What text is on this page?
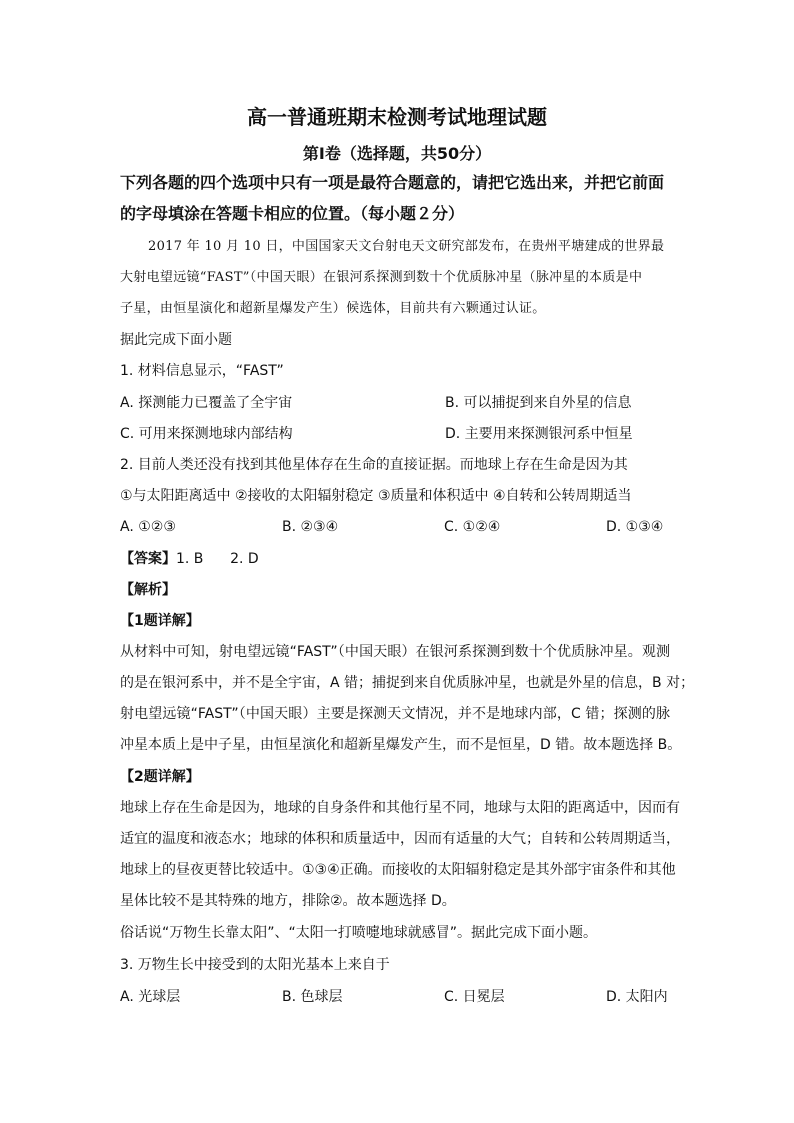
高一普通班期末检测考试地理试题
第Ⅰ卷（选择题，共50分）
下列各题的四个选项中只有一项是最符合题意的，请把它选出来，并把它前面
的字母填涂在答题卡相应的位置。（每小题２分）
2017 年 10 月 10 日，中国国家天文台射电天文研究部发布，在贵州平塘建成的世界最
大射电望远镜“FAST”（中国天眼）在银河系探测到数十个优质脉冲星（脉冲星的本质是中
子星，由恒星演化和超新星爆发产生）候选体，目前共有六颗通过认证。
据此完成下面小题
1. 材料信息显示，“FAST”
A. 探测能力已覆盖了全宇宙	B. 可以捕捉到来自外星的信息
C. 可用来探测地球内部结构	D. 主要用来探测银河系中恒星
2. 目前人类还没有找到其他星体存在生命的直接证据。而地球上存在生命是因为其
①与太阳距离适中 ②接收的太阳辐射稳定 ③质量和体积适中 ④自转和公转周期适当
A. ①②③	B. ②③④	C. ①②④	D. ①③④
【答案】1. B      2. D
【解析】
【1题详解】
从材料中可知，射电望远镜“FAST”（中国天眼）在银河系探测到数十个优质脉冲星。观测
的是在银河系中，并不是全宇宙，A 错；捕捉到来自优质脉冲星，也就是外星的信息，B 对；
射电望远镜“FAST”（中国天眼）主要是探测天文情况，并不是地球内部，C 错；探测的脉
冲星本质上是中子星，由恒星演化和超新星爆发产生，而不是恒星，D 错。故本题选择 B。
【2题详解】
地球上存在生命是因为，地球的自身条件和其他行星不同，地球与太阳的距离适中，因而有
适宜的温度和液态水；地球的体积和质量适中，因而有适量的大气；自转和公转周期适当，
地球上的昼夜更替比较适中。①③④正确。而接收的太阳辐射稳定是其外部宇宙条件和其他
星体比较不是其特殊的地方，排除②。故本题选择 D。
俗话说“万物生长靠太阳”、“太阳一打喷嚏地球就感冒”。据此完成下面小题。
3. 万物生长中接受到的太阳光基本上来自于
A. 光球层	B. 色球层	C. 日冕层	D. 太阳内
